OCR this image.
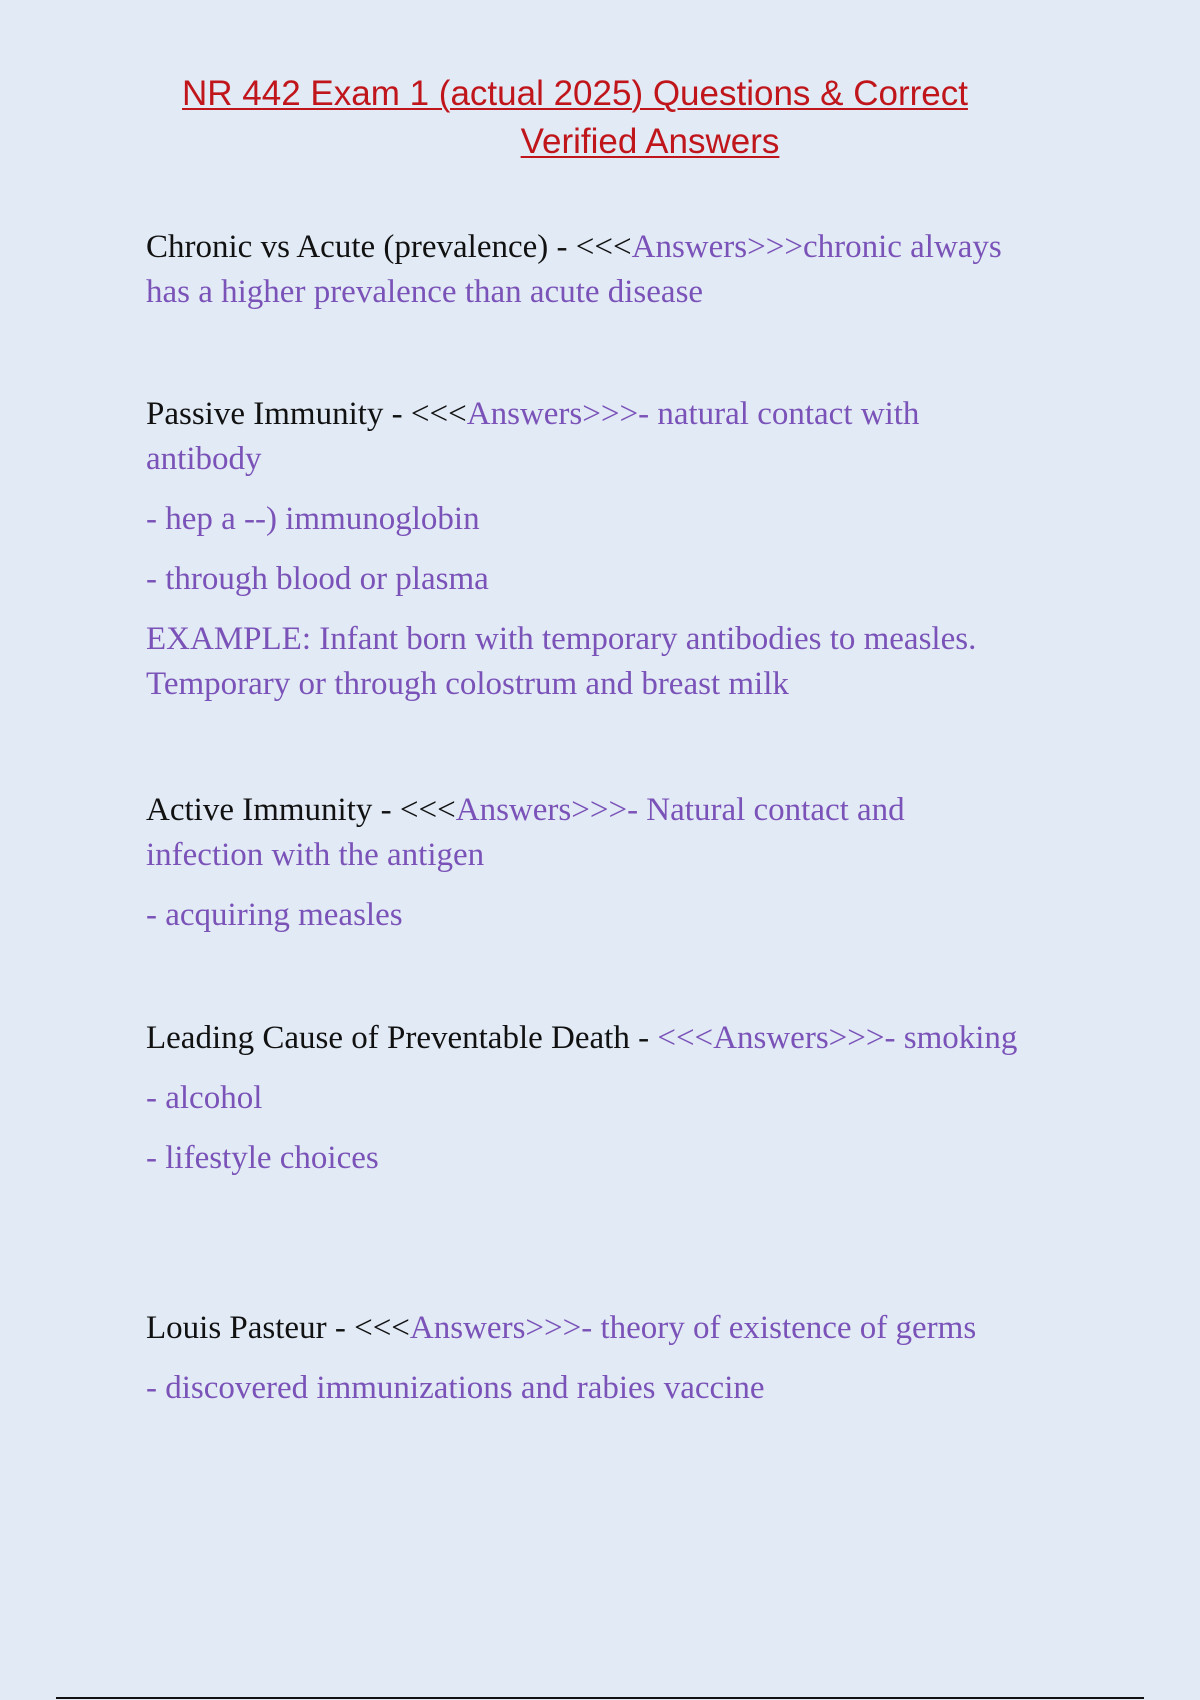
NR 442 Exam 1 (actual 2025) Questions & Correct
Verified Answers
Chronic vs Acute (prevalence) - <<<Answers>>>chronic always has a higher prevalence than acute disease
Passive Immunity - <<<Answers>>>- natural contact with antibody
- hep a --) immunoglobin
- through blood or plasma
EXAMPLE: Infant born with temporary antibodies to measles. Temporary or through colostrum and breast milk
Active Immunity - <<<Answers>>>- Natural contact and infection with the antigen
- acquiring measles
Leading Cause of Preventable Death - <<<Answers>>>- smoking
- alcohol
- lifestyle choices
Louis Pasteur - <<<Answers>>>- theory of existence of germs
- discovered immunizations and rabies vaccine
